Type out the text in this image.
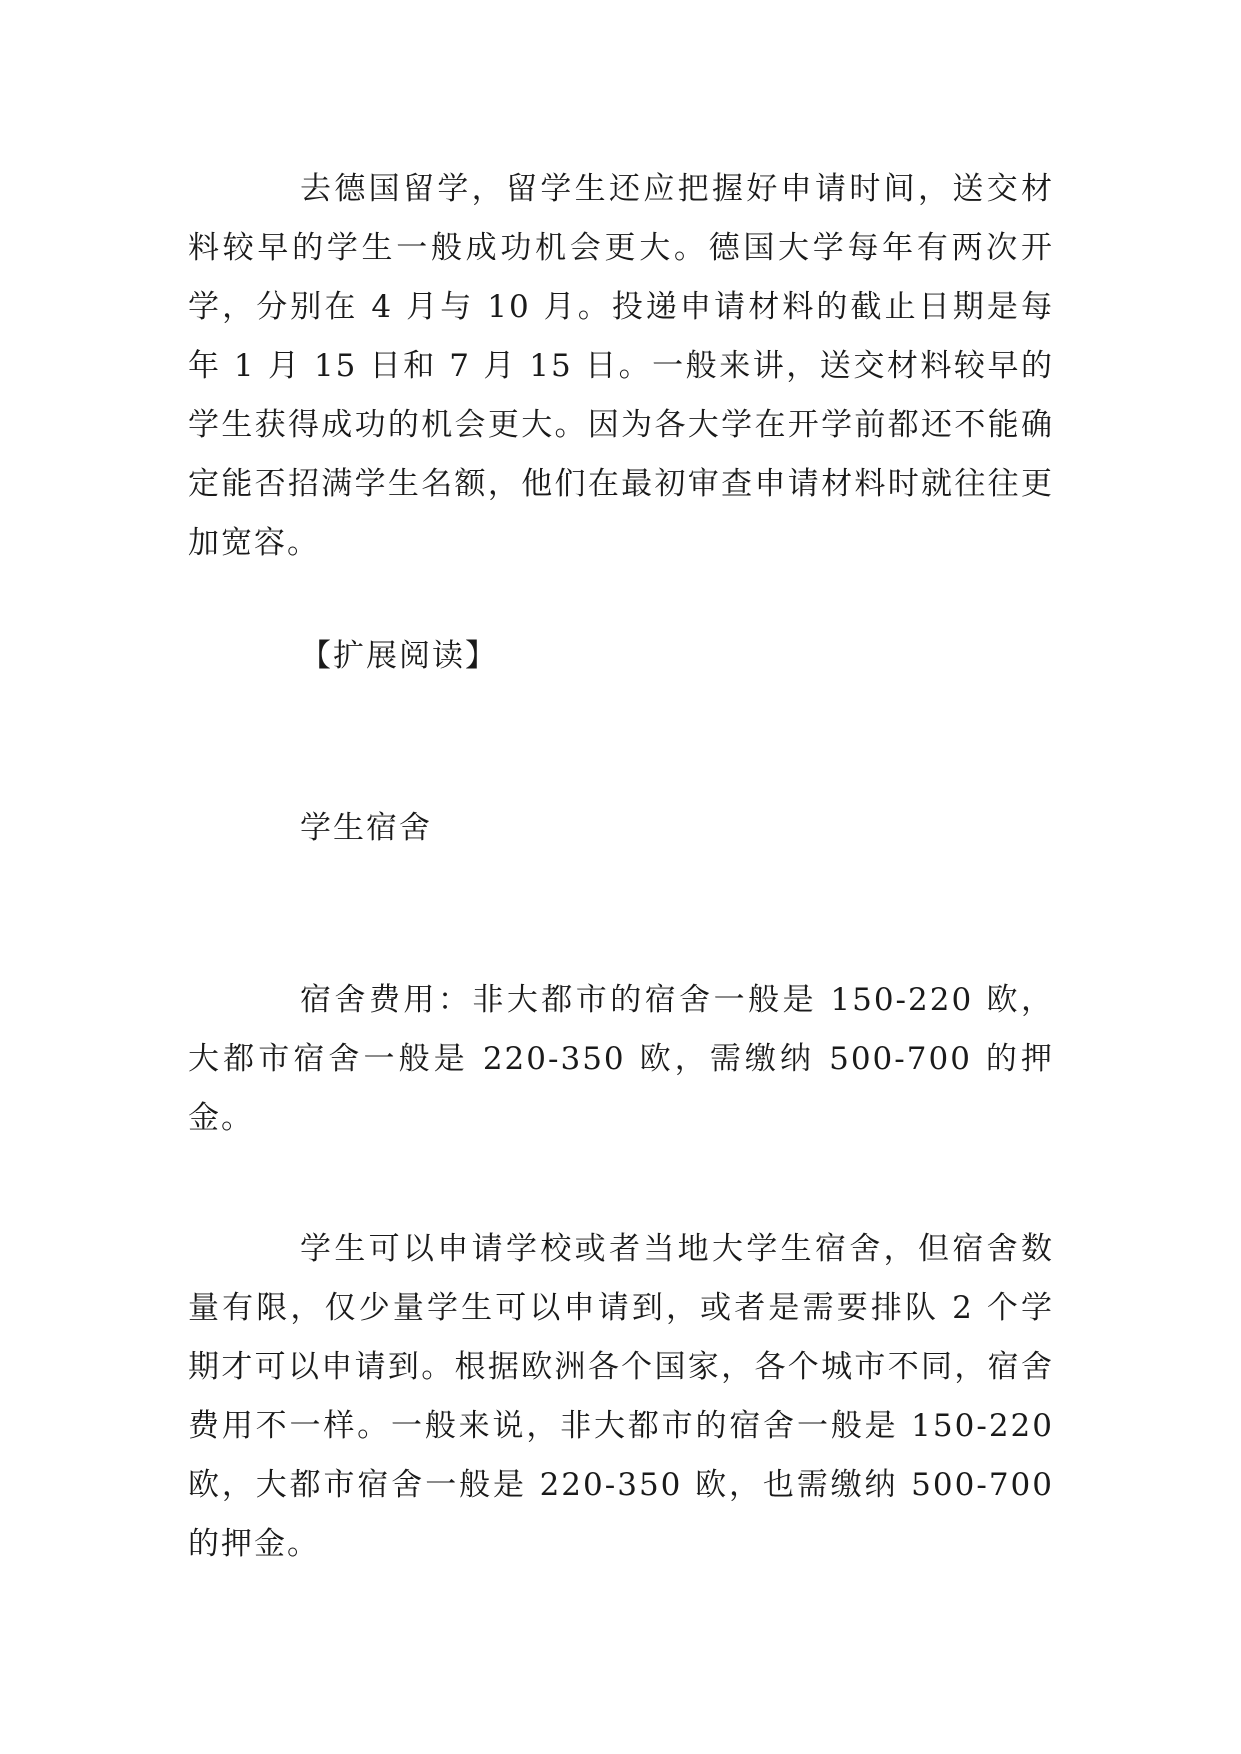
去德国留学，留学生还应把握好申请时间，送交材料较早的学生一般成功机会更大。德国大学每年有两次开学，分别在 4 月与 10 月。投递申请材料的截止日期是每年 1 月 15 日和 7 月 15 日。一般来讲，送交材料较早的学生获得成功的机会更大。因为各大学在开学前都还不能确定能否招满学生名额，他们在最初审查申请材料时就往往更加宽容。

【扩展阅读】

学生宿舍

宿舍费用：非大都市的宿舍一般是 150-220 欧，大都市宿舍一般是 220-350 欧，需缴纳 500-700 的押金。

学生可以申请学校或者当地大学生宿舍，但宿舍数量有限，仅少量学生可以申请到，或者是需要排队 2 个学期才可以申请到。根据欧洲各个国家，各个城市不同，宿舍费用不一样。一般来说，非大都市的宿舍一般是 150-220 欧，大都市宿舍一般是 220-350 欧，也需缴纳 500-700 的押金。
